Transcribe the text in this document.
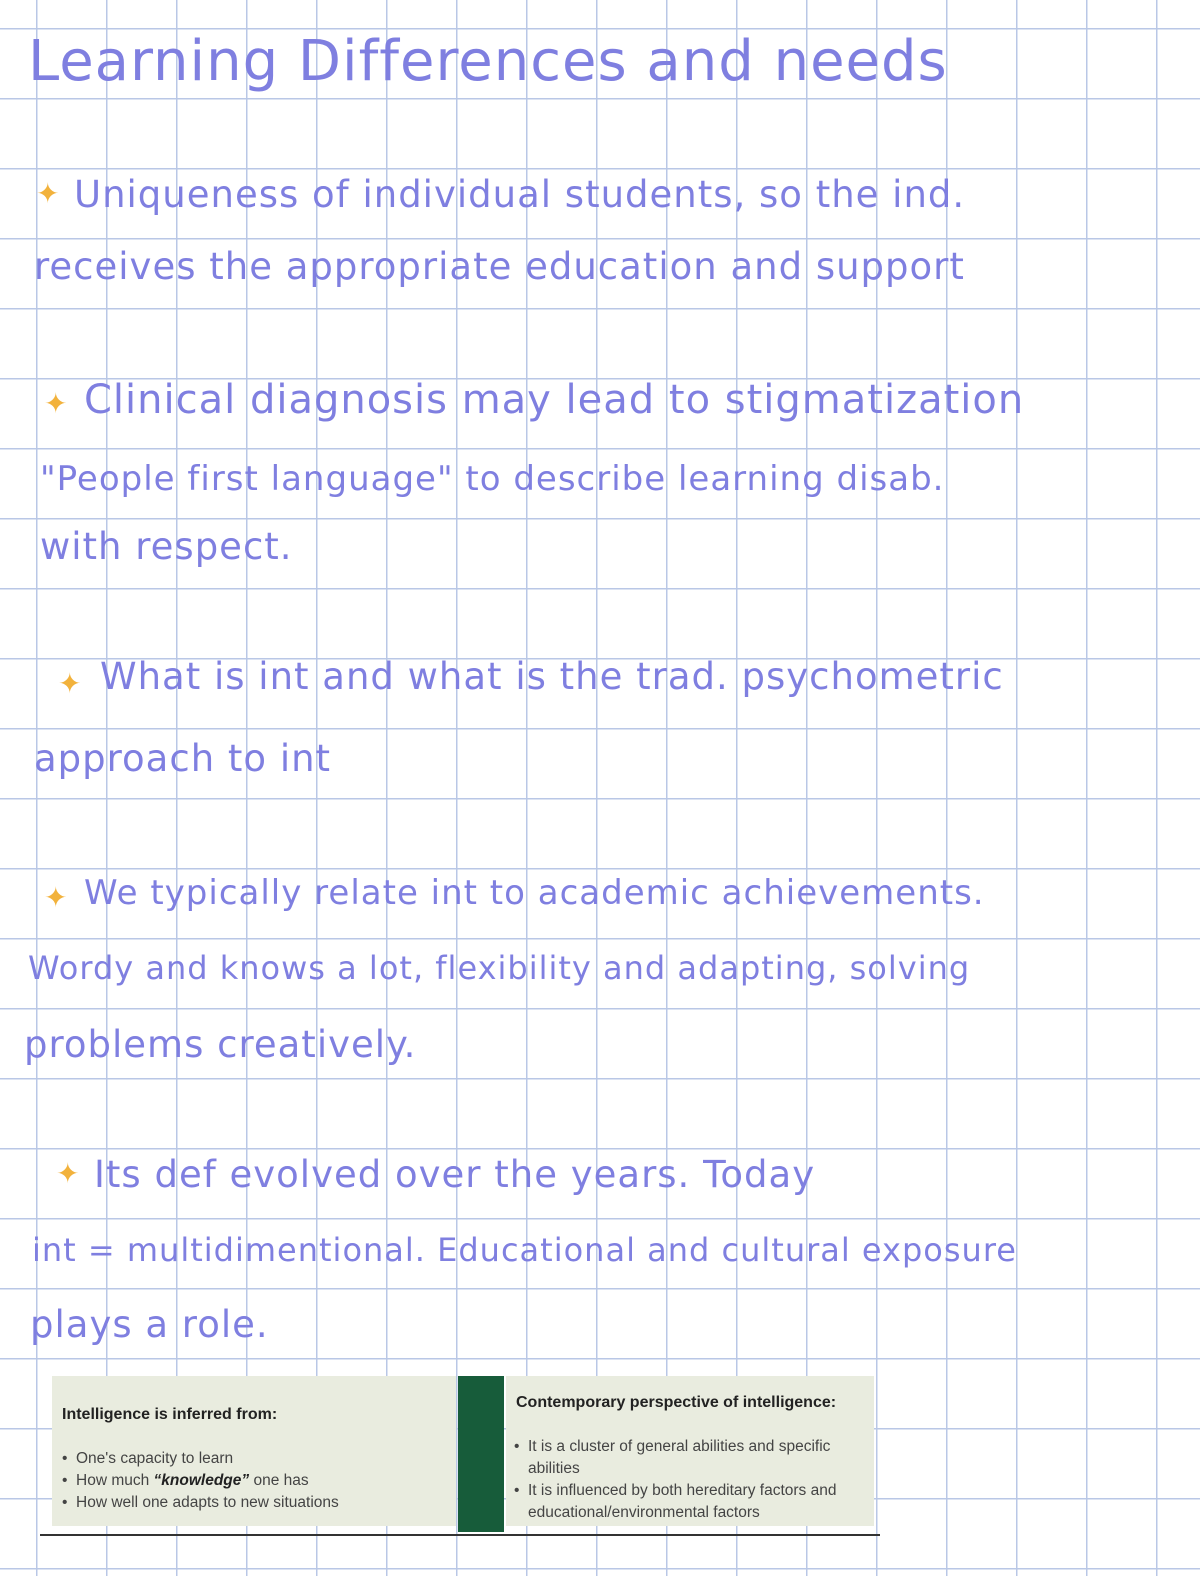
Learning Differences and needs
✦ Uniqueness of individual students, so the ind.
receives the appropriate education and support
✦ Clinical diagnosis may lead to stigmatization
"People first language" to describe learning disab.
with respect.
✦ What is int and what is the trad. psychometric
approach to int
✦ We typically relate int to academic achievements.
Wordy and knows a lot, flexibility and adapting, solving
problems creatively.
✦ Its def evolved over the years. Today
int = multidimentional. Educational and cultural exposure
plays a role.
Intelligence is inferred from:
• One's capacity to learn
• How much “knowledge” one has
• How well one adapts to new situations
Contemporary perspective of intelligence:
• It is a cluster of general abilities and specific abilities
• It is influenced by both hereditary factors and educational/environmental factors
